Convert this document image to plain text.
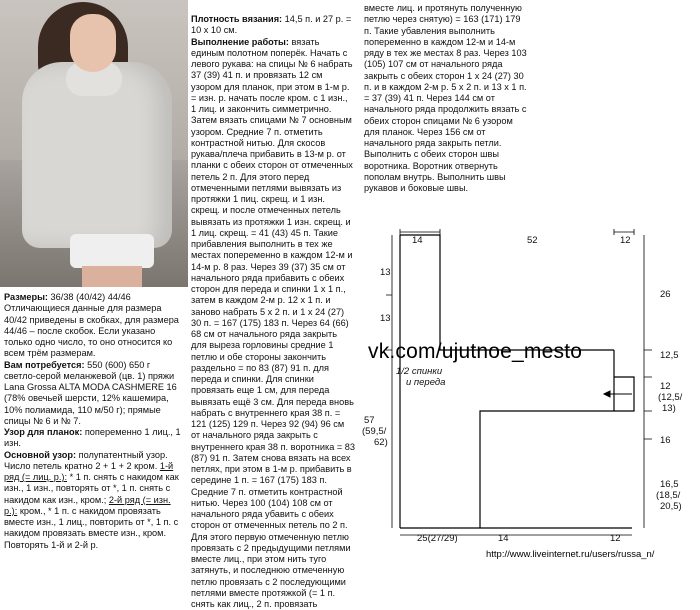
Размеры: 36/38 (40/42) 44/46

Отличающиеся данные для размера 40/42 приведены в скобках, для размера 44/46 – после скобок. Если указано только одно число, то оно относится ко всем трём размерам.

Вам потребуется: 550 (600) 650 г светло-серой меланжевой (цв. 1) пряжи Lana Grossa ALTA MODA CASHMERE 16 (78% овечьей шерсти, 12% кашемира, 10% полиамида, 110 м/50 г); прямые спицы № 6 и № 7.

Узор для планок: попеременно 1 лиц., 1 изн.

Основной узор: полупатентный узор. Число петель кратно 2 + 1 + 2 кром. 1-й ряд (= лиц. р.): * 1 п. снять с накидом как изн., 1 изн., повторять от *, 1 п. снять с накидом как изн., кром.; 2-й ряд (= изн. р.): кром., * 1 п. с накидом провязать вместе изн., 1 лиц., повторить от *, 1 п. с накидом провязать вместе изн., кром. Повторять 1-й и 2-й р.

Плотность вязания: 14,5 п. и 27 р. = 10 х 10 см.

Выполнение работы: вязать единым полотном поперёк. Начать с левого рукава: на спицы № 6 набрать 37 (39) 41 п. и провязать 12 см узором для планок, при этом в 1-м р. = изн. р. начать после кром. с 1 изн., 1 лиц. и закончить симметрично. Затем вязать спицами № 7 основным узором. Средние 7 п. отметить контрастной нитью. Для скосов рукава/плеча прибавить в 13-м р. от планки с обеих сторон от отмеченных петель 2 п. Для этого перед отмеченными петлями вывязать из протяжки 1 пиц. скрещ. и 1 изн. скрещ. и после отмеченных петель вывязать из протяжки 1 изн. скрещ. и 1 лиц. скрещ. = 41 (43) 45 п. Такие прибавления выполнить в тех же местах попеременно в каждом 12-м и 14-м р. 8 раз. Через 39 (37) 35 см от начального ряда прибавить с обеих сторон для переда и спинки 1 х 1 п., затем в каждом 2-м р. 12 х 1 п. и заново набрать 5 х 2 п. и 1 х 24 (27) 30 п. = 167 (175) 183 п. Через 64 (66) 68 см от начального ряда закрыть для выреза горловины средние 1 петлю и обе стороны закончить раздельно = по 83 (87) 91 п. для переда и спинки. Для спинки провязать еще 1 см, для переда вывязать ещё 3 см. Для переда вновь набрать с внутреннего края 38 п. = 121 (125) 129 п. Через 92 (94) 96 см от начального ряда закрыть с внутреннего края 38 п. воротника = 83 (87) 91 п. Затем снова вязать на всех петлях, при этом в 1-м р. прибавить в середине 1 п. = 167 (175) 183 п. Средние 7 п. отметить контрастной нитью. Через 100 (104) 108 см от начального ряда убавить с обеих сторон от отмеченных петель по 2 п. Для этого первую отмеченную петлю провязать с 2 предыдущими петлями вместе лиц., при этом нить туго затянуть, и последнюю отмеченную петлю провязать с 2 последующими петлями вместе протяжкой (= 1 п. снять как лиц., 2 п. провязать

вместе лиц. и протянуть полученную петлю через снятую) = 163 (171) 179 п. Такие убавления выполнить попеременно в каждом 12-м и 14-м ряду в тех же местах 8 раз. Через 103 (105) 107 см от начального ряда закрыть с обеих сторон 1 х 24 (27) 30 п. и в каждом 2-м р. 5 х 2 п. и 13 х 1 п. = 37 (39) 41 п. Через 144 см от начального ряда продолжить вязать с обеих сторон спицами № 6 узором для планок. Через 156 см от начального ряда закрыть петли. Выполнить с обеих сторон швы воротника. Воротник отвернуть пополам внутрь. Выполнить швы рукавов и боковые швы.

14	52	12
13
13
26
12,5
12
(12,5/
13)
16
57
(59,5/
62)
16,5
(18,5/
20,5)
25(27/29)	14	12
1/2 спинки
и переда
vk.com/ujutnoe_mesto
http://www.liveinternet.ru/users/russa_n/
